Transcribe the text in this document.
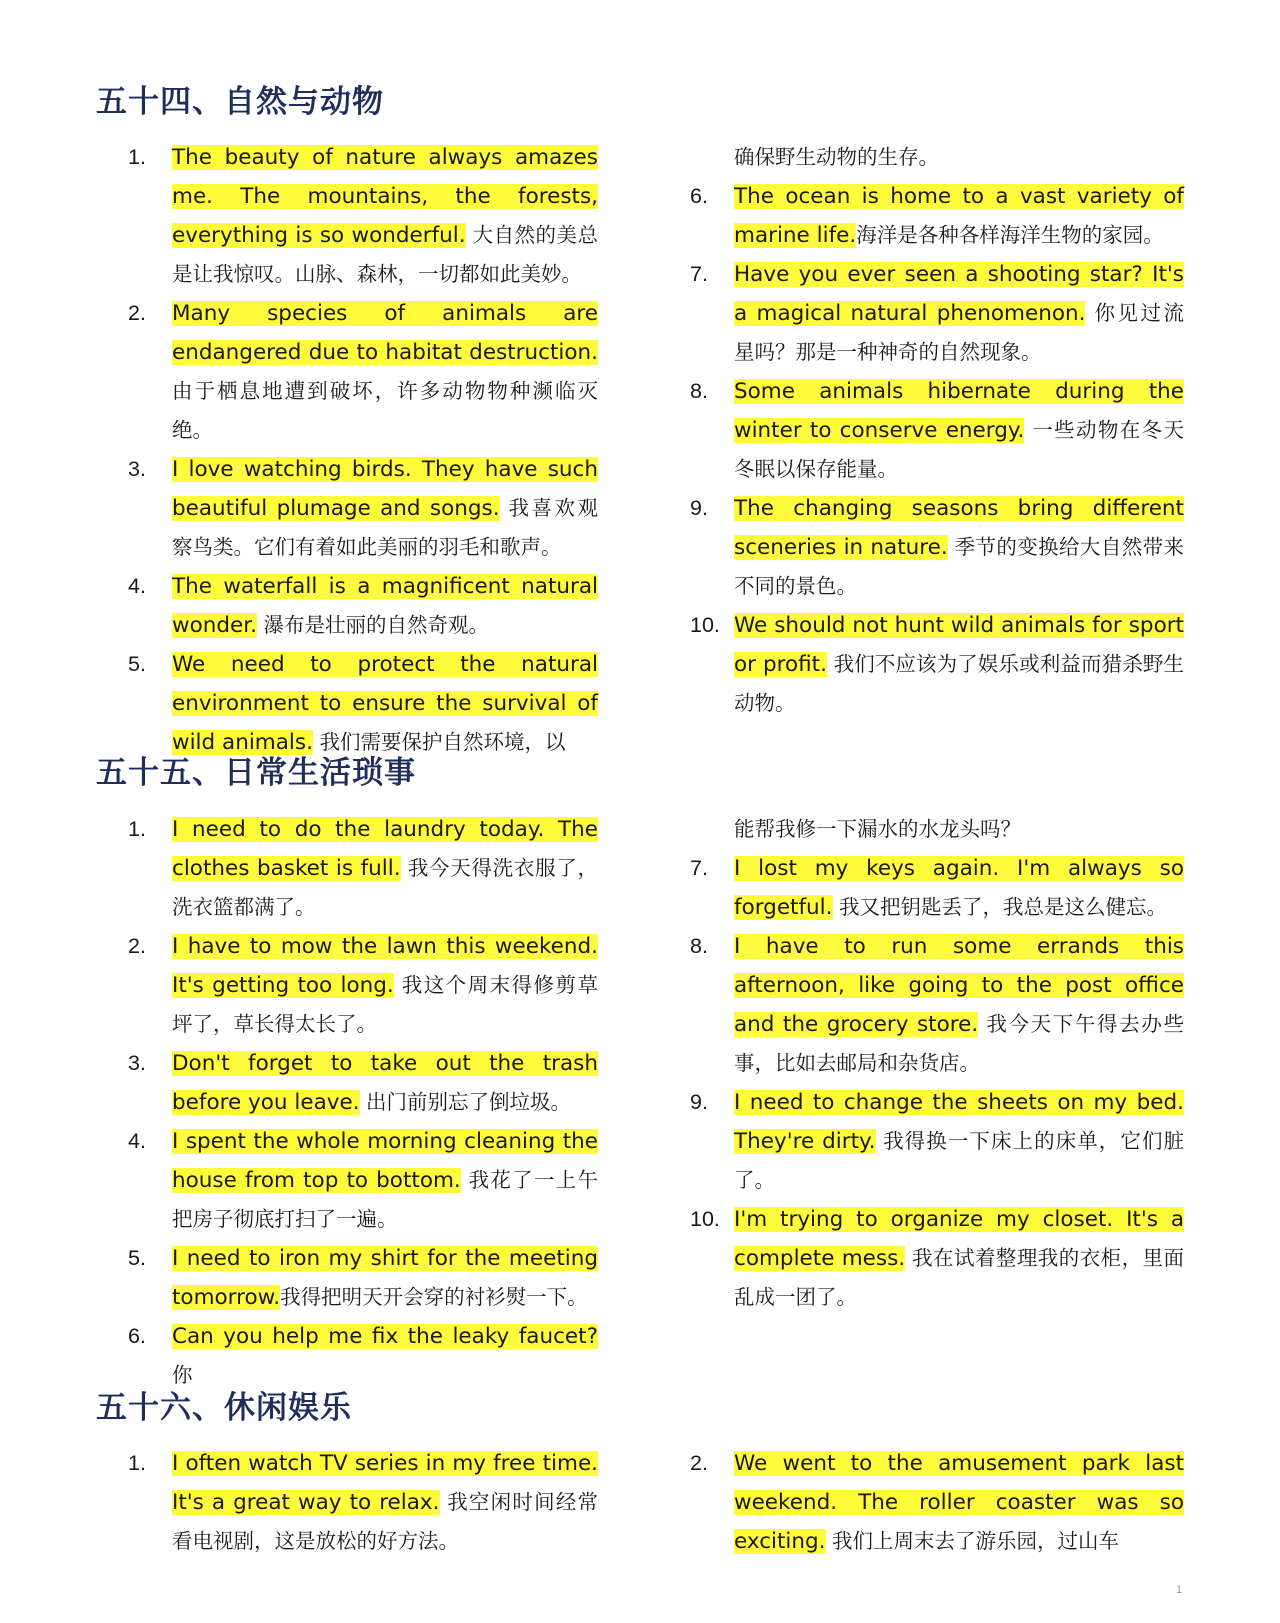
五十四、自然与动物
1.	The beauty of nature always amazes me. The mountains, the forests, everything is so wonderful. 大自然的美总是让我惊叹。山脉、森林，一切都如此美妙。
2.	Many species of animals are endangered due to habitat destruction. 由于栖息地遭到破坏，许多动物物种濒临灭绝。
3.	I love watching birds. They have such beautiful plumage and songs. 我喜欢观察鸟类。它们有着如此美丽的羽毛和歌声。
4.	The waterfall is a magnificent natural wonder. 瀑布是壮丽的自然奇观。
5.	We need to protect the natural environment to ensure the survival of wild animals. 我们需要保护自然环境，以
确保野生动物的生存。
6.	The ocean is home to a vast variety of marine life.海洋是各种各样海洋生物的家园。
7.	Have you ever seen a shooting star? It's a magical natural phenomenon. 你见过流星吗？那是一种神奇的自然现象。
8.	Some animals hibernate during the winter to conserve energy. 一些动物在冬天冬眠以保存能量。
9.	The changing seasons bring different sceneries in nature. 季节的变换给大自然带来不同的景色。
10. We should not hunt wild animals for sport or profit. 我们不应该为了娱乐或利益而猎杀野生动物。
五十五、日常生活琐事
1.	I need to do the laundry today. The clothes basket is full. 我今天得洗衣服了，洗衣篮都满了。
2.	I have to mow the lawn this weekend. It's getting too long. 我这个周末得修剪草坪了，草长得太长了。
3.	Don't forget to take out the trash before you leave. 出门前别忘了倒垃圾。
4.	I spent the whole morning cleaning the house from top to bottom. 我花了一上午把房子彻底打扫了一遍。
5.	I need to iron my shirt for the meeting tomorrow.我得把明天开会穿的衬衫熨一下。
6.	Can you help me fix the leaky faucet? 你
能帮我修一下漏水的水龙头吗？
7.	I lost my keys again. I'm always so forgetful. 我又把钥匙丢了，我总是这么健忘。
8.	I have to run some errands this afternoon, like going to the post office and the grocery store. 我今天下午得去办些事，比如去邮局和杂货店。
9.	I need to change the sheets on my bed. They're dirty. 我得换一下床上的床单，它们脏了。
10. I'm trying to organize my closet. It's a complete mess. 我在试着整理我的衣柜，里面乱成一团了。
五十六、休闲娱乐
1.	I often watch TV series in my free time. It's a great way to relax. 我空闲时间经常看电视剧，这是放松的好方法。
2.	We went to the amusement park last weekend. The roller coaster was so exciting. 我们上周末去了游乐园，过山车
1
